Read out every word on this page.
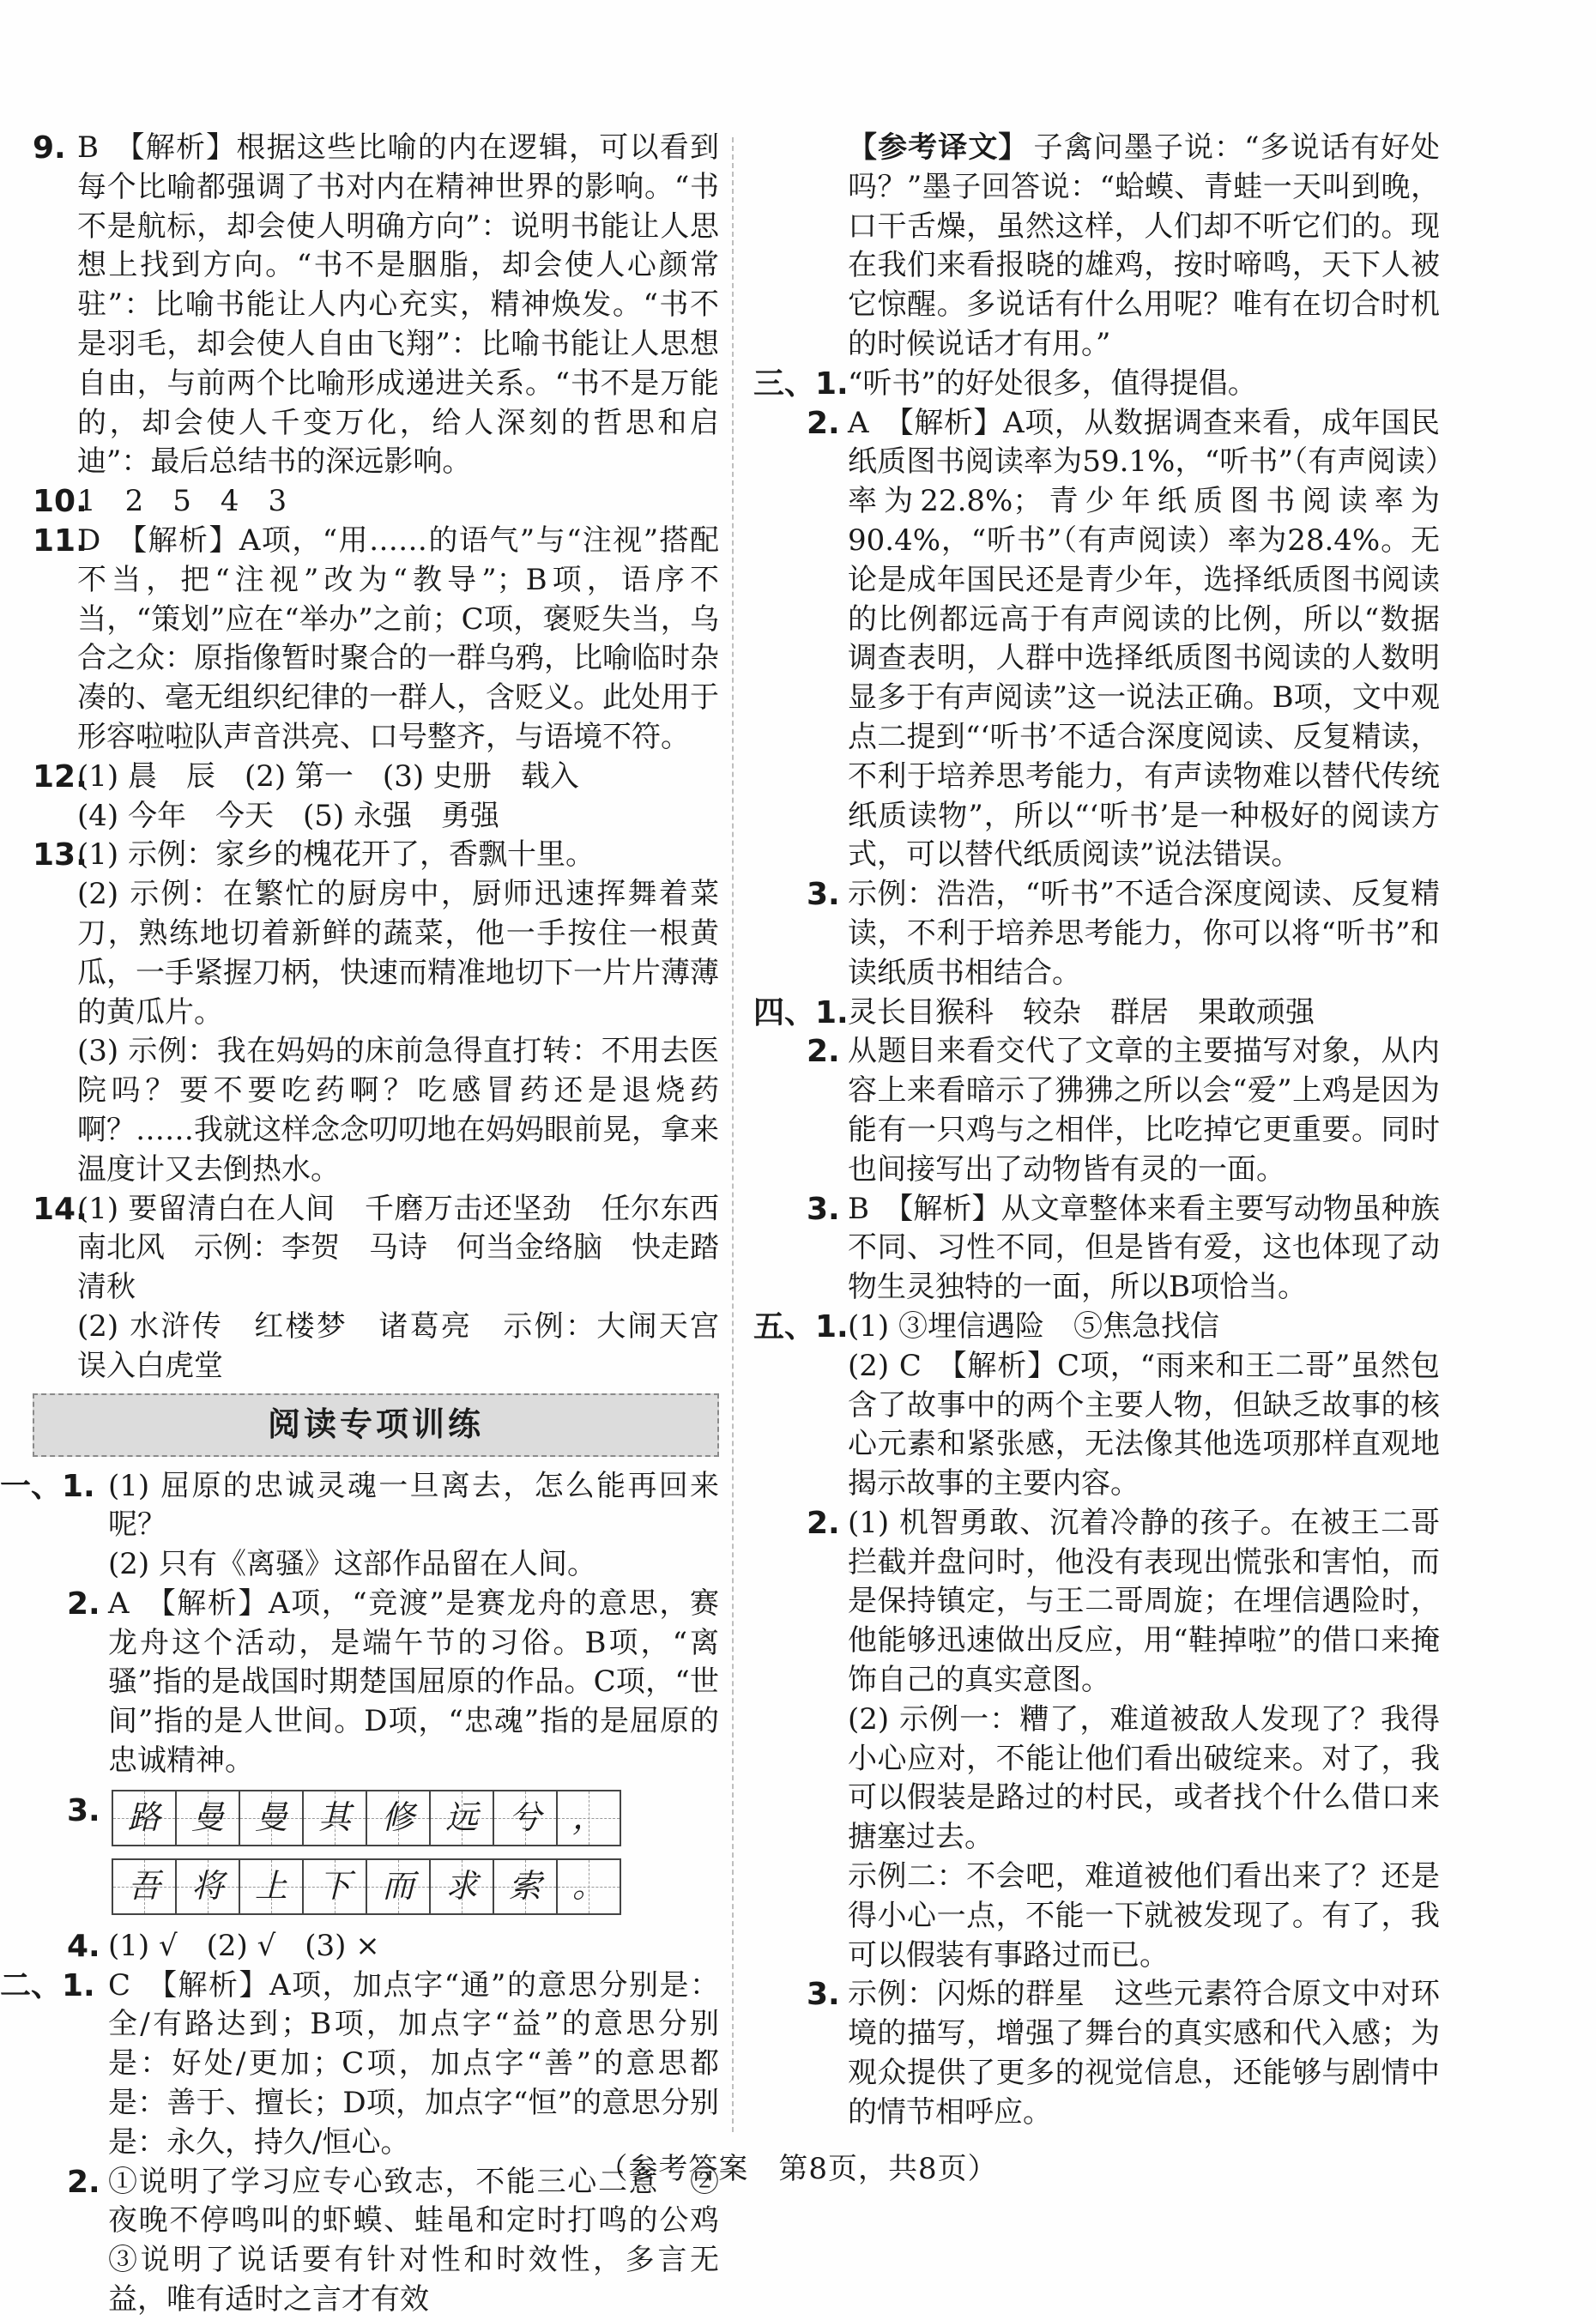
9. B　【解析】根据这些比喻的内在逻辑，可以看到每个比喻都强调了书对内在精神世界的影响。“书不是航标，却会使人明确方向”：说明书能让人思想上找到方向。“书不是胭脂，却会使人心颜常驻”：比喻书能让人内心充实，精神焕发。“书不是羽毛，却会使人自由飞翔”：比喻书能让人思想自由，与前两个比喻形成递进关系。“书不是万能的，却会使人千变万化，给人深刻的哲思和启迪”：最后总结书的深远影响。
10.
1　2　5　4　3
11.
D　【解析】A项，“用……的语气”与“注视”搭配不当，把“注视”改为“教导”；B项，语序不当，“策划”应在“举办”之前；C项，褒贬失当，乌合之众：原指像暂时聚合的一群乌鸦，比喻临时杂凑的、毫无组织纪律的一群人，含贬义。此处用于形容啦啦队声音洪亮、口号整齐，与语境不符。
12.
(1) 晨　辰　(2) 第一　(3) 史册　载入
(4) 今年　今天　(5) 永强　勇强
13.
(1) 示例：家乡的槐花开了，香飘十里。
(2) 示例：在繁忙的厨房中，厨师迅速挥舞着菜刀，熟练地切着新鲜的蔬菜，他一手按住一根黄瓜，一手紧握刀柄，快速而精准地切下一片片薄薄的黄瓜片。
(3) 示例：我在妈妈的床前急得直打转：不用去医院吗？要不要吃药啊？吃感冒药还是退烧药啊？……我就这样念念叨叨地在妈妈眼前晃，拿来温度计又去倒热水。
14.
(1) 要留清白在人间　千磨万击还坚劲　任尔东西南北风　示例：李贺　马诗　何当金络脑　快走踏清秋
(2) 水浒传　红楼梦　诸葛亮　示例：大闹天宫　误入白虎堂
阅读专项训练
一、1. (1) 屈原的忠诚灵魂一旦离去，怎么能再回来呢？
(2) 只有《离骚》这部作品留在人间。
2. A　【解析】A项，“竞渡”是赛龙舟的意思，赛龙舟这个活动，是端午节的习俗。B项，“离骚”指的是战国时期楚国屈原的作品。C项，“世间”指的是人世间。D项，“忠魂”指的是屈原的忠诚精神。
3. 路 曼 曼 其 修 远 兮 ，
吾 将 上 下 而 求 索 。
4. (1) √　(2) √　(3) ×
二、1. C　【解析】A项，加点字“通”的意思分别是：全/有路达到；B项，加点字“益”的意思分别是：好处/更加；C项，加点字“善”的意思都是：善于、擅长；D项，加点字“恒”的意思分别是：永久，持久/恒心。
2. ①说明了学习应专心致志，不能三心二意　②夜晚不停鸣叫的虾蟆、蛙黾和定时打鸣的公鸡　③说明了说话要有针对性和时效性，多言无益，唯有适时之言才有效
【参考译文】 子禽问墨子说：“多说话有好处吗？”墨子回答说：“蛤蟆、青蛙一天叫到晚，口干舌燥，虽然这样，人们却不听它们的。现在我们来看报晓的雄鸡，按时啼鸣，天下人被它惊醒。多说话有什么用呢？唯有在切合时机的时候说话才有用。”
三、1. “听书”的好处很多，值得提倡。
2. A　【解析】A项，从数据调查来看，成年国民纸质图书阅读率为59.1%，“听书”（有声阅读）率为22.8%；青少年纸质图书阅读率为90.4%，“听书”（有声阅读）率为28.4%。无论是成年国民还是青少年，选择纸质图书阅读的比例都远高于有声阅读的比例，所以“数据调查表明，人群中选择纸质图书阅读的人数明显多于有声阅读”这一说法正确。B项，文中观点二提到“‘听书’不适合深度阅读、反复精读，不利于培养思考能力，有声读物难以替代传统纸质读物”，所以“‘听书’是一种极好的阅读方式，可以替代纸质阅读”说法错误。
3. 示例：浩浩，“听书”不适合深度阅读、反复精读，不利于培养思考能力，你可以将“听书”和读纸质书相结合。
四、1. 灵长目猴科　较杂　群居　果敢顽强
2. 从题目来看交代了文章的主要描写对象，从内容上来看暗示了狒狒之所以会“爱”上鸡是因为能有一只鸡与之相伴，比吃掉它更重要。同时也间接写出了动物皆有灵的一面。
3. B　【解析】从文章整体来看主要写动物虽种族不同、习性不同，但是皆有爱，这也体现了动物生灵独特的一面，所以B项恰当。
五、1. (1) ③埋信遇险　⑤焦急找信
(2) C　【解析】C项，“雨来和王二哥”虽然包含了故事中的两个主要人物，但缺乏故事的核心元素和紧张感，无法像其他选项那样直观地揭示故事的主要内容。
2. (1) 机智勇敢、沉着冷静的孩子。在被王二哥拦截并盘问时，他没有表现出慌张和害怕，而是保持镇定，与王二哥周旋；在埋信遇险时，他能够迅速做出反应，用“鞋掉啦”的借口来掩饰自己的真实意图。
(2) 示例一：糟了，难道被敌人发现了？我得小心应对，不能让他们看出破绽来。对了，我可以假装是路过的村民，或者找个什么借口来搪塞过去。
示例二：不会吧，难道被他们看出来了？还是得小心一点，不能一下就被发现了。有了，我可以假装有事路过而已。
3. 示例：闪烁的群星　这些元素符合原文中对环境的描写，增强了舞台的真实感和代入感；为观众提供了更多的视觉信息，还能够与剧情中的情节相呼应。
（参考答案　第8页，共8页）
